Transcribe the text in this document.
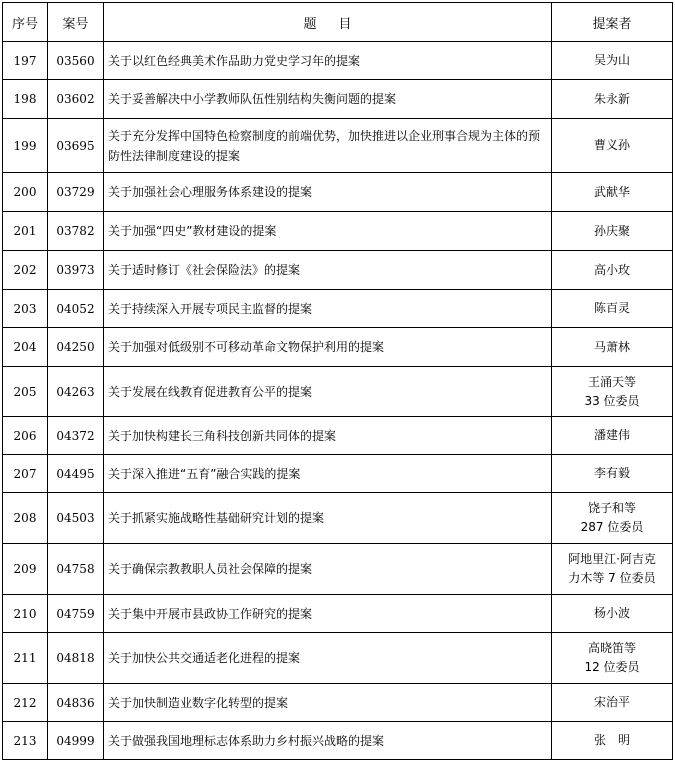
序号	案号	题 目	提案者
197	03560	关于以红色经典美术作品助力党史学习年的提案	吴为山

198	03602	关于妥善解决中小学教师队伍性别结构失衡问题的提案	朱永新

199	03695	关于充分发挥中国特色检察制度的前端优势，加快推进以企业刑事合规为主体的预防性法律制度建设的提案	曹义孙

200	03729	关于加强社会心理服务体系建设的提案	武献华

201	03782	关于加强“四史”教材建设的提案	孙庆聚

202	03973	关于适时修订《社会保险法》的提案	高小玫

203	04052	关于持续深入开展专项民主监督的提案	陈百灵

204	04250	关于加强对低级别不可移动革命文物保护利用的提案	马萧林

205	04263	关于发展在线教育促进教育公平的提案	王涌天等
33 位委员

206	04372	关于加快构建长三角科技创新共同体的提案	潘建伟

207	04495	关于深入推进“五育”融合实践的提案	李有毅

208	04503	关于抓紧实施战略性基础研究计划的提案	饶子和等
287 位委员

209	04758	关于确保宗教教职人员社会保障的提案	阿地里江·阿吉克
力木等 7 位委员

210	04759	关于集中开展市县政协工作研究的提案	杨小波

211	04818	关于加快公共交通适老化进程的提案	高晓笛等
12 位委员

212	04836	关于加快制造业数字化转型的提案	宋治平

213	04999	关于做强我国地理标志体系助力乡村振兴战略的提案	张　明
